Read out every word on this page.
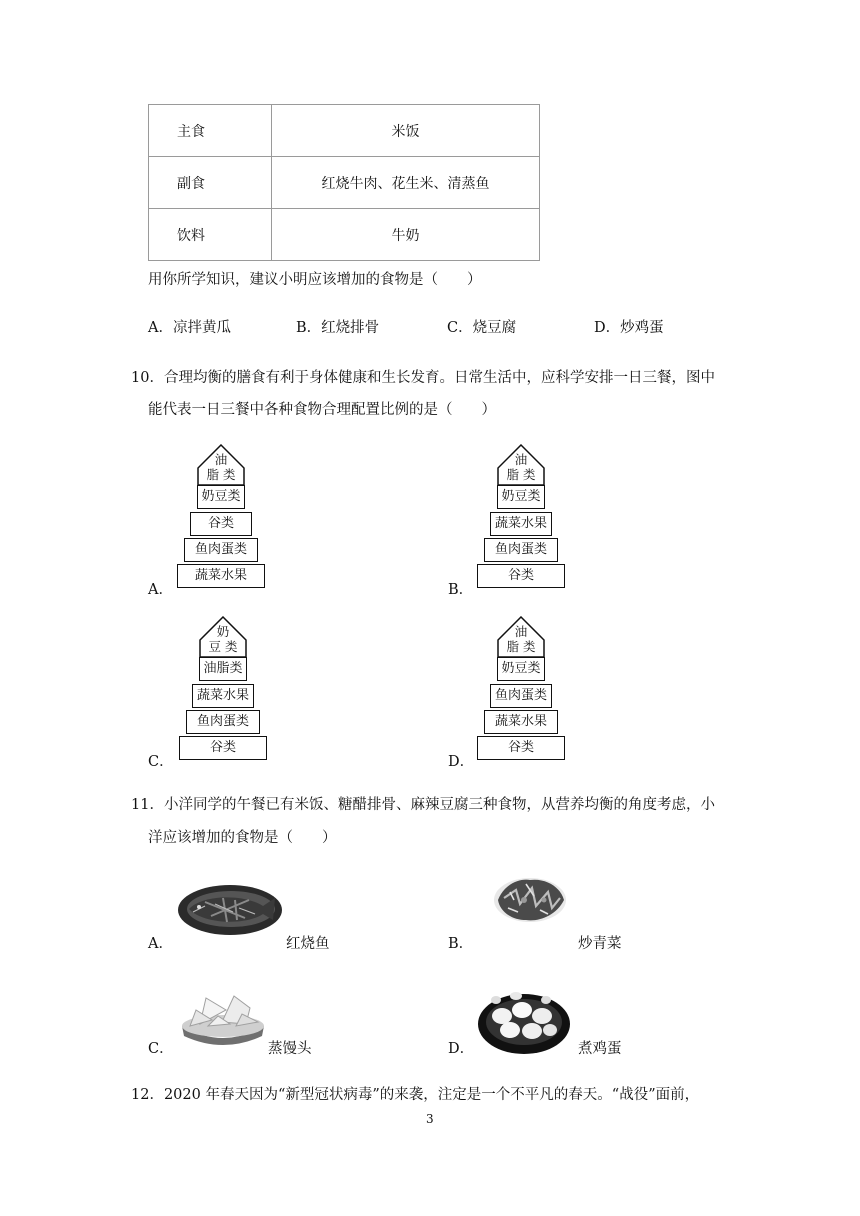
主食	米饭
副食	红烧牛肉、花生米、清蒸鱼
饮料	牛奶
用你所学知识，建议小明应该增加的食物是（　　）
A．凉拌黄瓜	B．红烧排骨	C．烧豆腐	D．炒鸡蛋
10．合理均衡的膳食有利于身体健康和生长发育。日常生活中，应科学安排一日三餐，图中
能代表一日三餐中各种食物合理配置比例的是（　　）
A．
油
脂 类
奶豆类
谷类
鱼肉蛋类
蔬菜水果
B．
油
脂 类
奶豆类
蔬菜水果
鱼肉蛋类
谷类
C．
奶
豆 类
油脂类
蔬菜水果
鱼肉蛋类
谷类
D．
油
脂 类
奶豆类
鱼肉蛋类
蔬菜水果
谷类
11．小洋同学的午餐已有米饭、糖醋排骨、麻辣豆腐三种食物，从营养均衡的角度考虑，小
洋应该增加的食物是（　　）
A．	红烧鱼	B．	炒青菜
C．	蒸馒头	D．	煮鸡蛋
12．2020 年春天因为“新型冠状病毒”的来袭，注定是一个不平凡的春天。“战役”面前，
3
